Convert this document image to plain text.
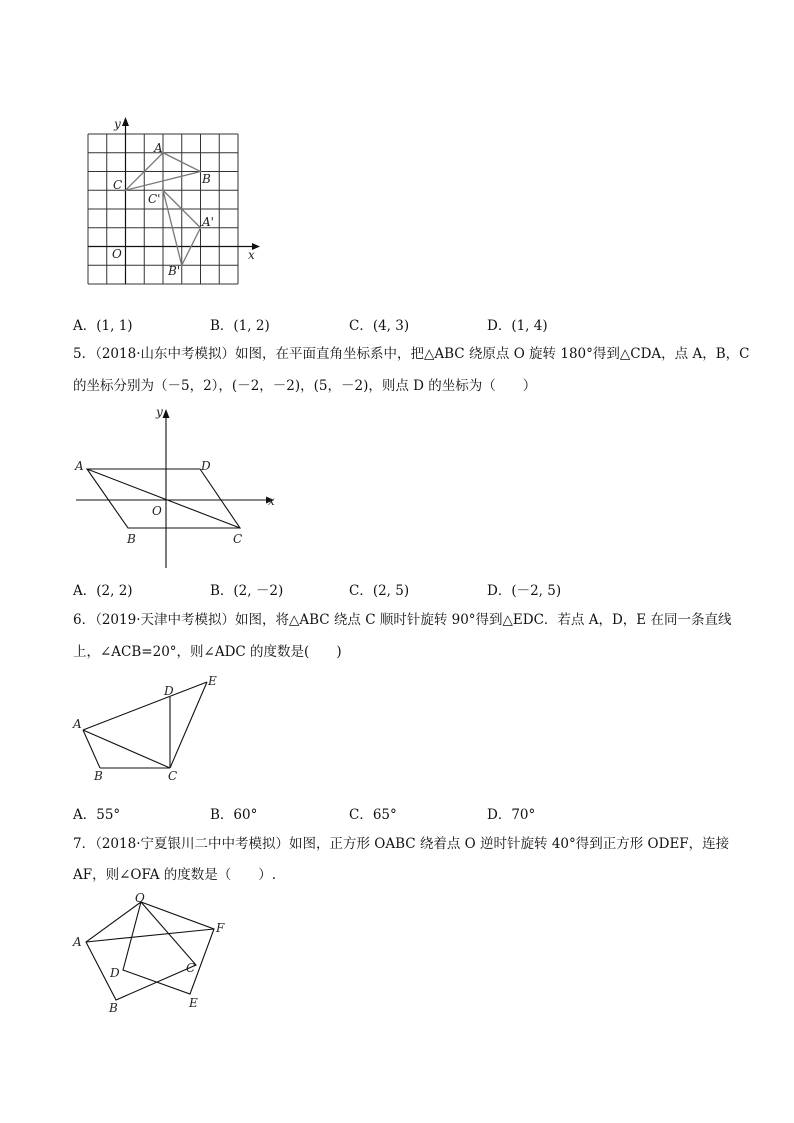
y
x
O
A
B
C
A'
B'
C'
A．(1, 1)	B．(1, 2)	C．(4, 3)	D．(1, 4)
5．（2018·山东中考模拟）如图，在平面直角坐标系中，把△ABC 绕原点 O 旋转 180°得到△CDA，点 A，B，C
的坐标分别为（－5，2），(－2，－2)，(5，－2)，则点 D 的坐标为（　　）
y
x
O
A	D
B	C
A．(2, 2)	B．(2, －2)	C．(2, 5)	D．(－2, 5)
6．（2019·天津中考模拟）如图，将△ABC 绕点 C 顺时针旋转 90°得到△EDC．若点 A，D，E 在同一条直线
上，∠ACB=20°，则∠ADC 的度数是(　　)
A
B	C
D
E
A．55°	B．60°	C．65°	D．70°
7．（2018·宁夏银川二中中考模拟）如图，正方形 OABC 绕着点 O 逆时针旋转 40°得到正方形 ODEF，连接
AF，则∠OFA 的度数是（　　）.
O
A
B
C
D
E
F
